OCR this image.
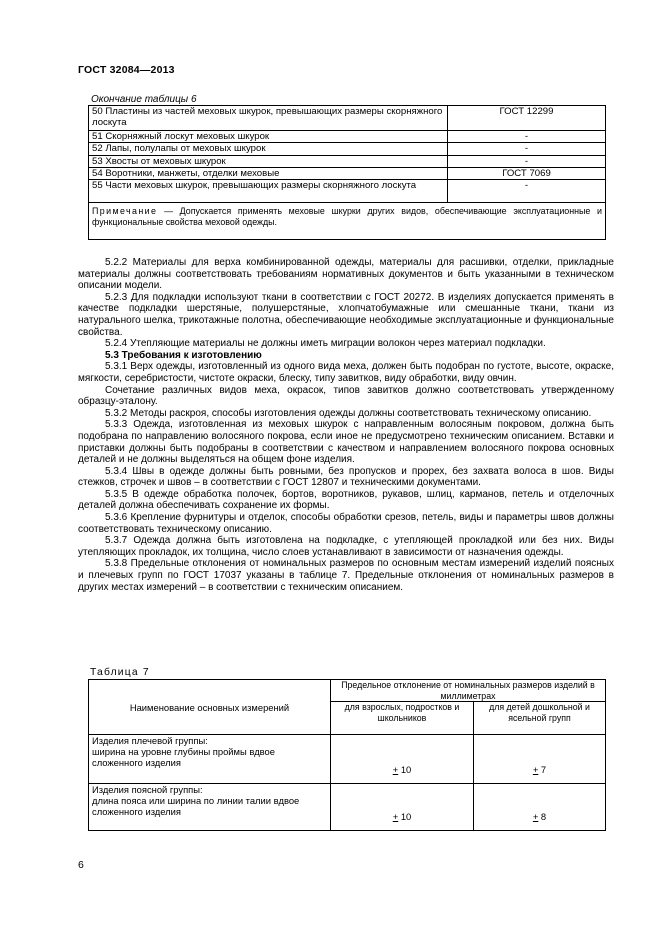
ГОСТ 32084—2013
Окончание таблицы 6
50 Пластины из частей меховых шкурок, превышающих размеры скорняжного лоскута	ГОСТ 12299
51 Скорняжный лоскут меховых шкурок	-
52 Лапы, полулапы от меховых шкурок	-
53 Хвосты от меховых шкурок	-
54 Воротники, манжеты, отделки меховые	ГОСТ 7069
55 Части меховых шкурок, превышающих размеры скорняжного лоскута	-
Примечание — Допускается применять меховые шкурки других видов, обеспечивающие эксплуатационные и функциональные свойства меховой одежды.	

5.2.2 Материалы для верха комбинированной одежды, материалы для расшивки, отделки, прикладные материалы должны соответствовать требованиям нормативных документов и быть указанными в техническом описании модели.

5.2.3 Для подкладки используют ткани в соответствии с ГОСТ 20272. В изделиях допускается применять в качестве подкладки шерстяные, полушерстяные, хлопчатобумажные или смешанные ткани, ткани из натурального шелка, трикотажные полотна, обеспечивающие необходимые эксплуатационные и функциональные свойства.

5.2.4 Утепляющие материалы не должны иметь миграции волокон через материал подкладки.

5.3 Требования к изготовлению

5.3.1 Верх одежды, изготовленный из одного вида меха, должен быть подобран по густоте, высоте, окраске, мягкости, серебристости, чистоте окраски, блеску, типу завитков, виду обработки, виду овчин.

Сочетание различных видов меха, окрасок, типов завитков должно соответствовать утвержденному образцу-эталону.

5.3.2 Методы раскроя, способы изготовления одежды должны соответствовать техническому описанию.

5.3.3 Одежда, изготовленная из меховых шкурок с направленным волосяным покровом, должна быть подобрана по направлению волосяного покрова, если иное не предусмотрено техническим описанием. Вставки и приставки должны быть подобраны в соответствии с качеством и направлением волосяного покрова основных деталей и не должны выделяться на общем фоне изделия.

5.3.4 Швы в одежде должны быть ровными, без пропусков и прорех, без захвата волоса в шов. Виды стежков, строчек и швов – в соответствии с ГОСТ 12807 и техническими документами.

5.3.5 В одежде обработка полочек, бортов, воротников, рукавов, шлиц, карманов, петель и отделочных деталей должна обеспечивать сохранение их формы.

5.3.6 Крепление фурнитуры и отделок, способы обработки срезов, петель, виды и параметры швов должны соответствовать техническому описанию.

5.3.7 Одежда должна быть изготовлена на подкладке, с утепляющей прокладкой или без них. Виды утепляющих прокладок, их толщина, число слоев устанавливают в зависимости от назначения одежды.

5.3.8 Предельные отклонения от номинальных размеров по основным местам измерений изделий поясных и плечевых групп по ГОСТ 17037 указаны в таблице 7. Предельные отклонения от номинальных размеров в других местах измерений – в соответствии с техническим описанием.

Таблица 7
Наименование основных измерений	Предельное отклонение от номинальных размеров изделий в миллиметрах	
	для взрослых, подростков и школьников	для детей дошкольной и ясельной групп
Изделия плечевой группы:
ширина на уровне глубины проймы вдвое сложенного изделия	+ 10	+ 7
Изделия поясной группы:
длина пояса или ширина по линии талии вдвое сложенного изделия	+ 10	+ 8
6
